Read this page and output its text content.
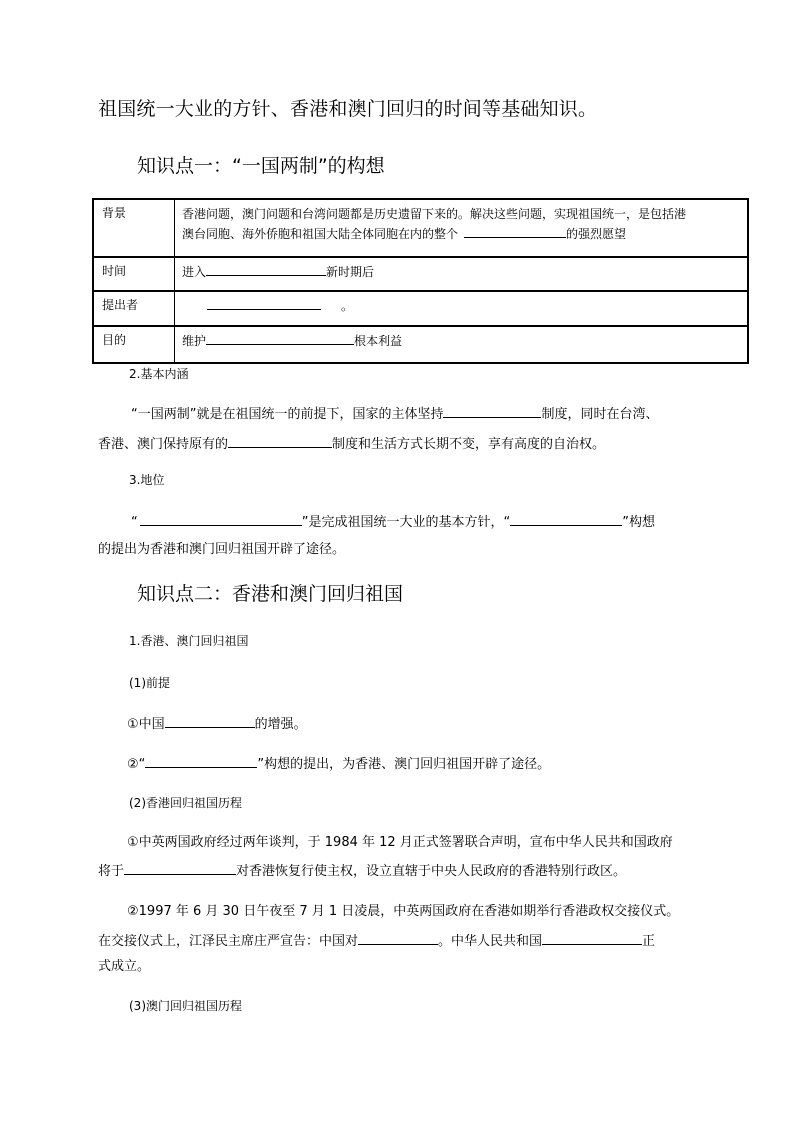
祖国统一大业的方针、香港和澳门回归的时间等基础知识。
知识点一：“一国两制”的构想
背景	香港问题，澳门问题和台湾问题都是历史遗留下来的。解决这些问题，实现祖国统一，是包括港
澳台同胞、海外侨胞和祖国大陆全体同胞在内的整个	的强烈愿望
时间	进入	新时期后
提出者	。
目的	维护	根本利益
2.基本内涵
“一国两制”就是在祖国统一的前提下，国家的主体坚持	制度，同时在台湾、
香港、澳门保持原有的	制度和生活方式长期不变，享有高度的自治权。
3.地位
“	”是完成祖国统一大业的基本方针，“	”构想
的提出为香港和澳门回归祖国开辟了途径。
知识点二：香港和澳门回归祖国
1.香港、澳门回归祖国
(1)前提
①中国	的增强。
②“	”构想的提出，为香港、澳门回归祖国开辟了途径。
(2)香港回归祖国历程
①中英两国政府经过两年谈判，于 1984 年 12 月正式签署联合声明，宣布中华人民共和国政府
将于	对香港恢复行使主权，设立直辖于中央人民政府的香港特别行政区。
②1997 年 6 月 30 日午夜至 7 月 1 日凌晨，中英两国政府在香港如期举行香港政权交接仪式。
在交接仪式上，江泽民主席庄严宣告：中国对	。中华人民共和国	正
式成立。
(3)澳门回归祖国历程
